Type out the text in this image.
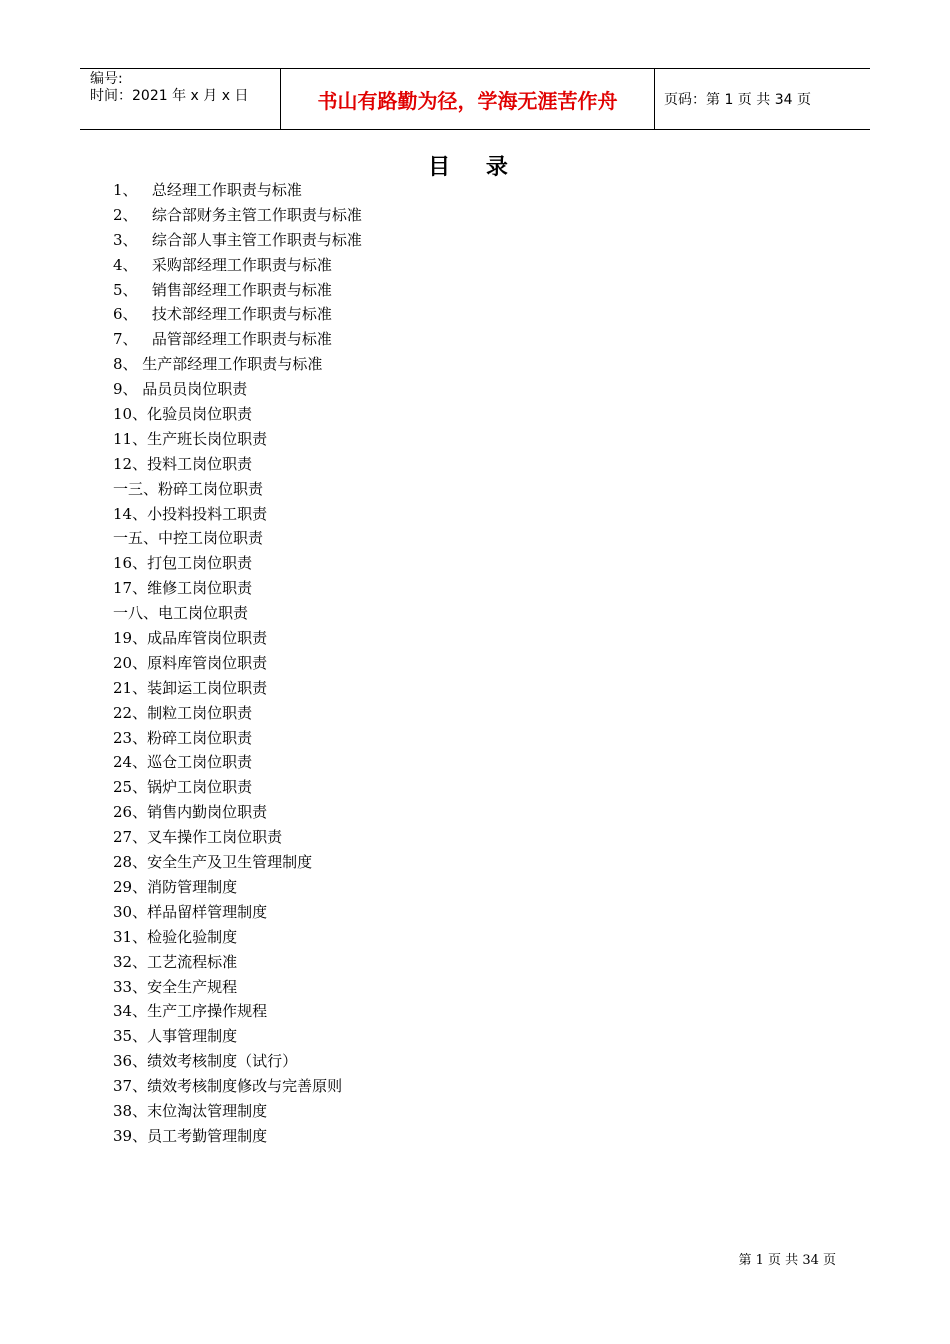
编号:
时间：2021 年 x 月 x 日	书山有路勤为径，学海无涯苦作舟	页码：第 1 页 共 34 页
目 录
1、   总经理工作职责与标准
2、   综合部财务主管工作职责与标准
3、   综合部人事主管工作职责与标准
4、   采购部经理工作职责与标准
5、   销售部经理工作职责与标准
6、   技术部经理工作职责与标准
7、   品管部经理工作职责与标准
8、 生产部经理工作职责与标准
9、 品员员岗位职责
10、化验员岗位职责
11、生产班长岗位职责
12、投料工岗位职责
一三、粉碎工岗位职责
14、小投料投料工职责
一五、中控工岗位职责
16、打包工岗位职责
17、维修工岗位职责
一八、电工岗位职责
19、成品库管岗位职责
20、原料库管岗位职责
21、装卸运工岗位职责
22、制粒工岗位职责
23、粉碎工岗位职责
24、巡仓工岗位职责
25、锅炉工岗位职责
26、销售内勤岗位职责
27、叉车操作工岗位职责
28、安全生产及卫生管理制度
29、消防管理制度
30、样品留样管理制度
31、检验化验制度
32、工艺流程标准
33、安全生产规程
34、生产工序操作规程
35、人事管理制度
36、绩效考核制度（试行）
37、绩效考核制度修改与完善原则
38、末位淘汰管理制度
39、员工考勤管理制度
第 1 页 共 34 页
